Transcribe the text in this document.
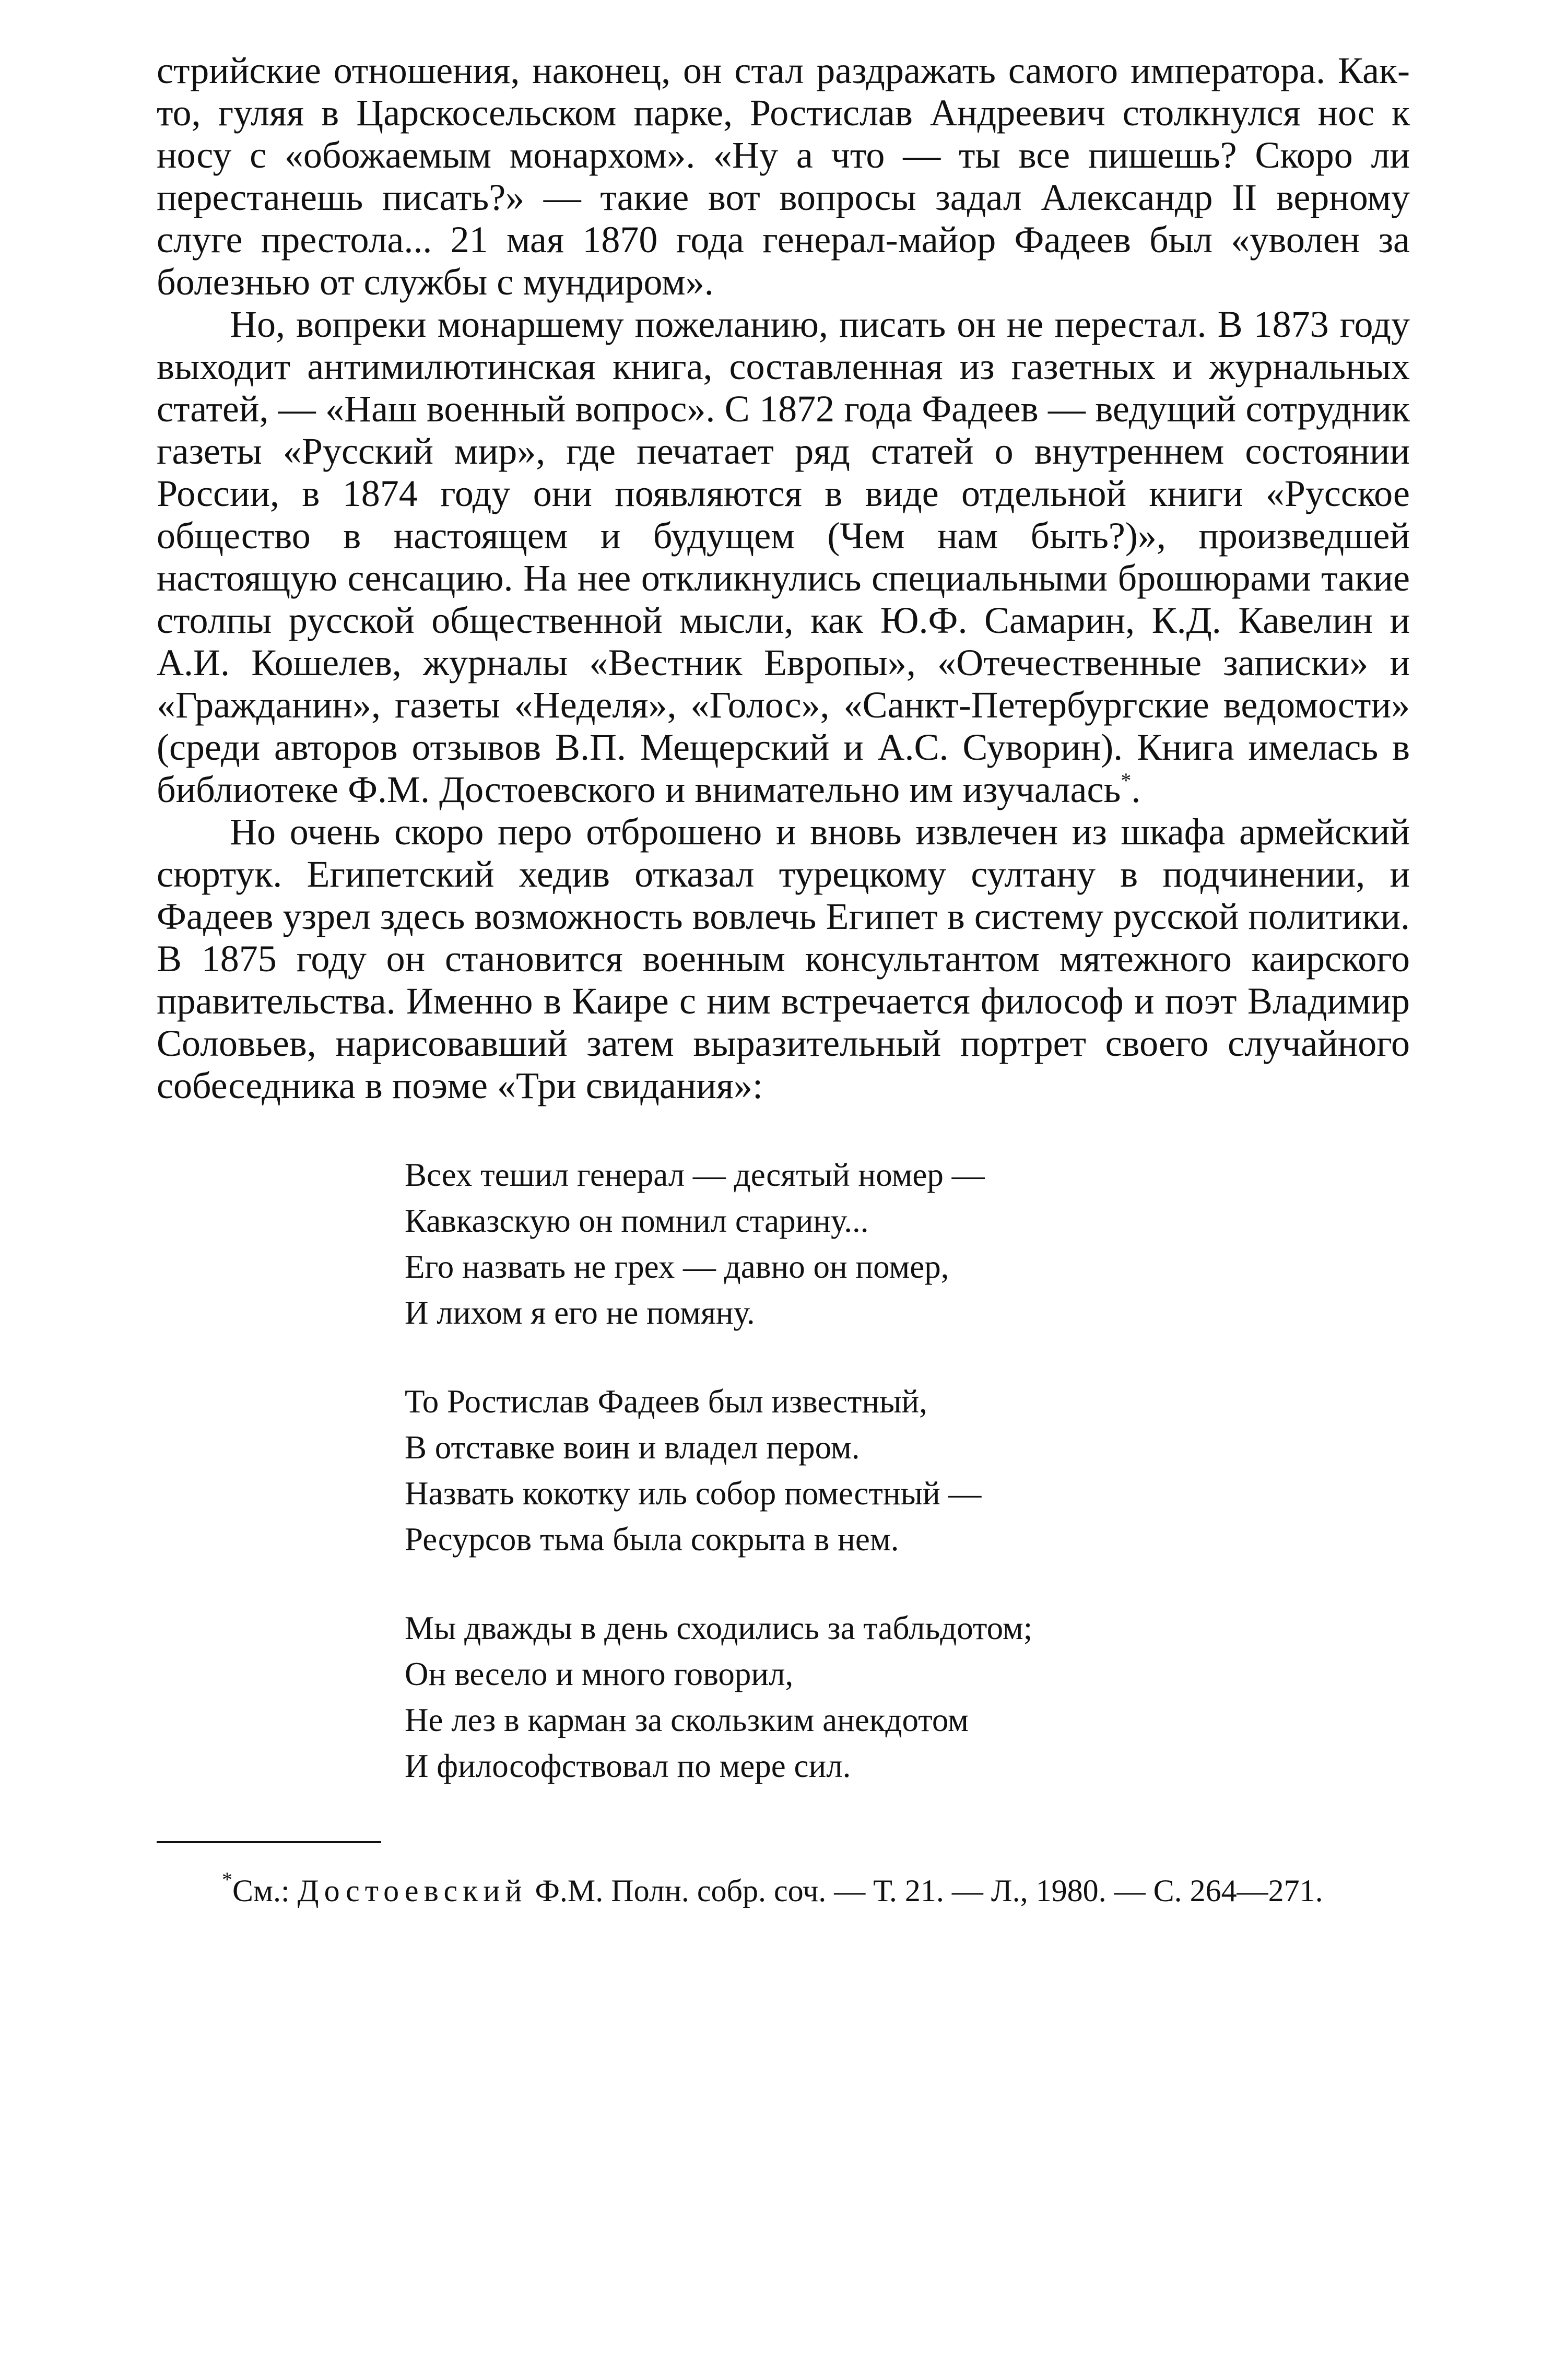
стрийские отношения, наконец, он стал раздражать самого императора. Как-то, гуляя в Царскосельском парке, Ростислав Андреевич столкнулся нос к носу с «обожаемым монархом». «Ну а что — ты все пишешь? Скоро ли перестанешь писать?» — такие вот вопросы задал Александр II верному слуге престола... 21 мая 1870 года генерал-майор Фадеев был «уволен за болезнью от службы с мундиром».

Но, вопреки монаршему пожеланию, писать он не перестал. В 1873 году выходит антимилютинская книга, составленная из газетных и журнальных статей, — «Наш военный вопрос». С 1872 года Фадеев — ведущий сотрудник газеты «Русский мир», где печатает ряд статей о внутреннем состоянии России, в 1874 году они появляются в виде отдельной книги «Русское общество в настоящем и будущем (Чем нам быть?)», произведшей настоящую сенсацию. На нее откликнулись специальными брошюрами такие столпы русской общественной мысли, как Ю.Ф. Самарин, К.Д. Кавелин и А.И. Кошелев, журналы «Вестник Европы», «Отечественные записки» и «Гражданин», газеты «Неделя», «Голос», «Санкт-Петербургские ведомости» (среди авторов отзывов В.П. Мещерский и А.С. Суворин). Книга имелась в библиотеке Ф.М. Достоевского и внимательно им изучалась*.

Но очень скоро перо отброшено и вновь извлечен из шкафа армейский сюртук. Египетский хедив отказал турецкому султану в подчинении, и Фадеев узрел здесь возможность вовлечь Египет в систему русской политики. В 1875 году он становится военным консультантом мятежного каирского правительства. Именно в Каире с ним встречается философ и поэт Владимир Соловьев, нарисовавший затем выразительный портрет своего случайного собеседника в поэме «Три свидания»:

Всех тешил генерал — десятый номер —
Кавказскую он помнил старину...
Его назвать не грех — давно он помер,
И лихом я его не помяну.
То Ростислав Фадеев был известный,
В отставке воин и владел пером.
Назвать кокотку иль собор поместный —
Ресурсов тьма была сокрыта в нем.
Мы дважды в день сходились за табльдотом;
Он весело и много говорил,
Не лез в карман за скользким анекдотом
И философствовал по мере сил.

*См.: Достоевский Ф.М. Полн. собр. соч. — Т. 21. — Л., 1980. — С. 264—271.
